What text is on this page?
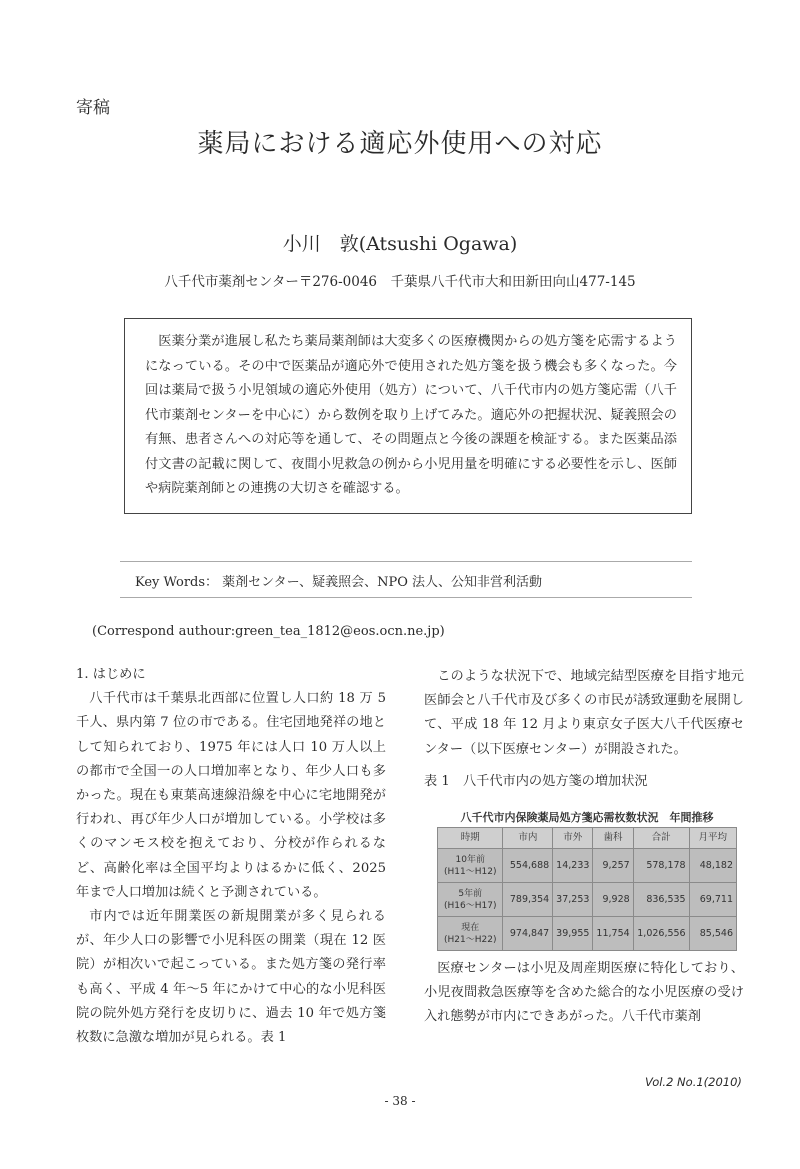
寄稿
薬局における適応外使用への対応
小川　敦(Atsushi Ogawa)
八千代市薬剤センター〒276-0046　千葉県八千代市大和田新田向山477-145

医薬分業が進展し私たち薬局薬剤師は大変多くの医療機関からの処方箋を応需するようになっている。その中で医薬品が適応外で使用された処方箋を扱う機会も多くなった。今回は薬局で扱う小児領域の適応外使用（処方）について、八千代市内の処方箋応需（八千代市薬剤センターを中心に）から数例を取り上げてみた。適応外の把握状況、疑義照会の有無、患者さんへの対応等を通して、その問題点と今後の課題を検証する。また医薬品添付文書の記載に関して、夜間小児救急の例から小児用量を明確にする必要性を示し、医師や病院薬剤師との連携の大切さを確認する。

Key Words： 薬剤センター、疑義照会、NPO 法人、公知非営利活動
(Correspond authour:green_tea_1812@eos.ocn.ne.jp)
1. はじめに

八千代市は千葉県北西部に位置し人口約 18 万 5 千人、県内第 7 位の市である。住宅団地発祥の地として知られており、1975 年には人口 10 万人以上の都市で全国一の人口増加率となり、年少人口も多かった。現在も東葉高速線沿線を中心に宅地開発が行われ、再び年少人口が増加している。小学校は多くのマンモス校を抱えており、分校が作られるなど、高齢化率は全国平均よりはるかに低く、2025 年まで人口増加は続くと予測されている。

市内では近年開業医の新規開業が多く見られるが、年少人口の影響で小児科医の開業（現在 12 医院）が相次いで起こっている。また処方箋の発行率も高く、平成 4 年〜5 年にかけて中心的な小児科医院の院外処方発行を皮切りに、過去 10 年で処方箋枚数に急激な増加が見られる。表 1

このような状況下で、地域完結型医療を目指す地元医師会と八千代市及び多くの市民が誘致運動を展開して、平成 18 年 12 月より東京女子医大八千代医療センター（以下医療センター）が開設された。

表 1　八千代市内の処方箋の増加状況
八千代市内保険薬局処方箋応需枚数状況　年間推移
時期	市内	市外	歯科	合計	月平均
10年前
(H11〜H12)	554,688	14,233	9,257	578,178	48,182
5年前
(H16〜H17)	789,354	37,253	9,928	836,535	69,711
現在
(H21〜H22)	974,847	39,955	11,754	1,026,556	85,546

医療センターは小児及周産期医療に特化しており、小児夜間救急医療等を含めた総合的な小児医療の受け入れ態勢が市内にできあがった。八千代市薬剤

Vol.2 No.1(2010)
- 38 -
